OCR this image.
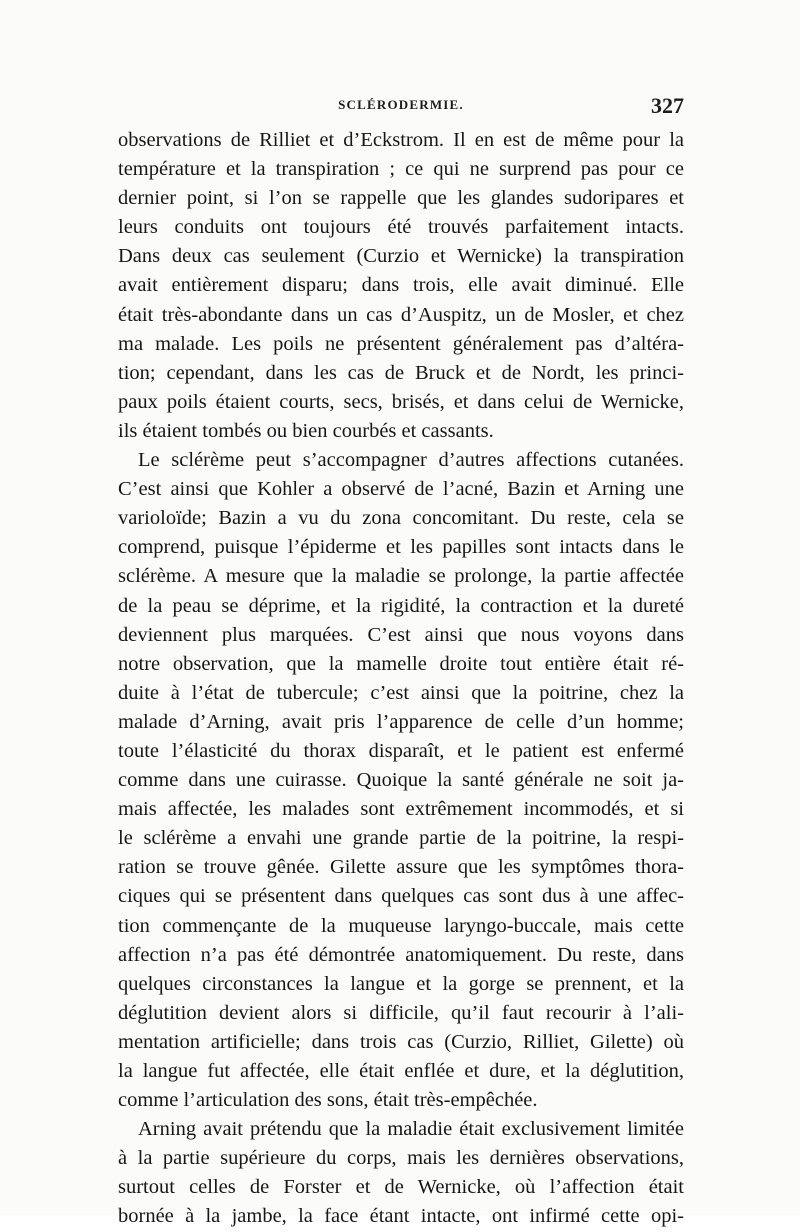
SCLÉRODERMIE.	327
observations de Rilliet et d’Eckstrom. Il en est de même pour la
température et la transpiration ; ce qui ne surprend pas pour ce
dernier point, si l’on se rappelle que les glandes sudoripares et
leurs conduits ont toujours été trouvés parfaitement intacts.
Dans deux cas seulement (Curzio et Wernicke) la transpiration
avait entièrement disparu; dans trois, elle avait diminué. Elle
était très-abondante dans un cas d’Auspitz, un de Mosler, et chez
ma malade. Les poils ne présentent généralement pas d’altéra-
tion; cependant, dans les cas de Bruck et de Nordt, les princi-
paux poils étaient courts, secs, brisés, et dans celui de Wernicke,
ils étaient tombés ou bien courbés et cassants.
Le sclérème peut s’accompagner d’autres affections cutanées.
C’est ainsi que Kohler a observé de l’acné, Bazin et Arning une
varioloïde; Bazin a vu du zona concomitant. Du reste, cela se
comprend, puisque l’épiderme et les papilles sont intacts dans le
sclérème. A mesure que la maladie se prolonge, la partie affectée
de la peau se déprime, et la rigidité, la contraction et la dureté
deviennent plus marquées. C’est ainsi que nous voyons dans
notre observation, que la mamelle droite tout entière était ré-
duite à l’état de tubercule; c’est ainsi que la poitrine, chez la
malade d’Arning, avait pris l’apparence de celle d’un homme;
toute l’élasticité du thorax disparaît, et le patient est enfermé
comme dans une cuirasse. Quoique la santé générale ne soit ja-
mais affectée, les malades sont extrêmement incommodés, et si
le sclérème a envahi une grande partie de la poitrine, la respi-
ration se trouve gênée. Gilette assure que les symptômes thora-
ciques qui se présentent dans quelques cas sont dus à une affec-
tion commençante de la muqueuse laryngo-buccale, mais cette
affection n’a pas été démontrée anatomiquement. Du reste, dans
quelques circonstances la langue et la gorge se prennent, et la
déglutition devient alors si difficile, qu’il faut recourir à l’ali-
mentation artificielle; dans trois cas (Curzio, Rilliet, Gilette) où
la langue fut affectée, elle était enflée et dure, et la déglutition,
comme l’articulation des sons, était très-empêchée.
Arning avait prétendu que la maladie était exclusivement limitée
à la partie supérieure du corps, mais les dernières observations,
surtout celles de Forster et de Wernicke, où l’affection était
bornée à la jambe, la face étant intacte, ont infirmé cette opi-
